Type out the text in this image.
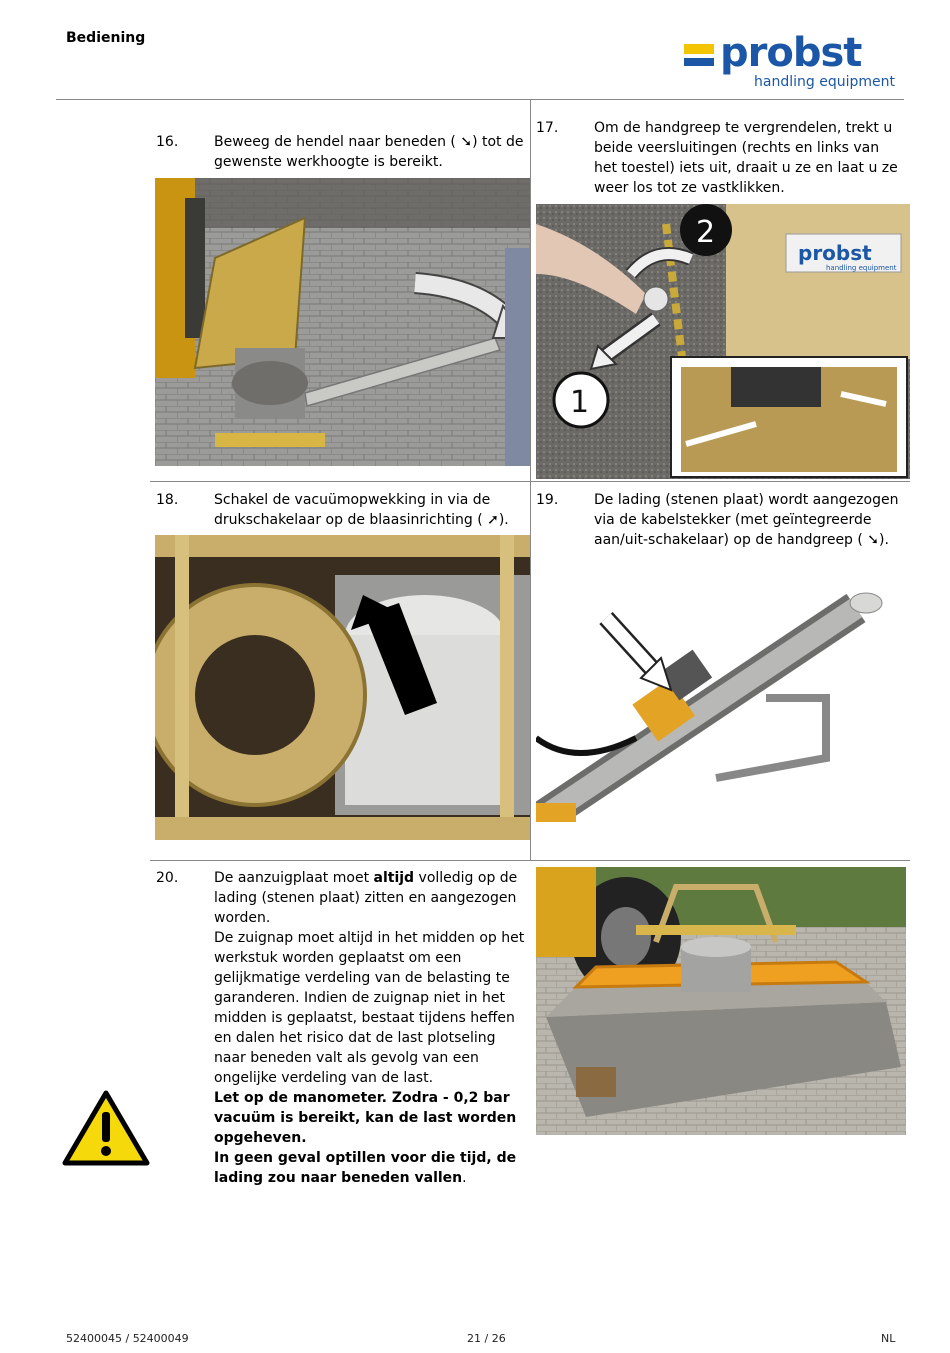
Bediening	probst
handling equipment
16.	Beweeg de hendel naar beneden ( ➘) tot de gewenste werkhoogte is bereikt.
17.	Om de handgreep te vergrendelen, trekt u beide veersluitingen (rechts en links van het toestel) iets uit, draait u ze en laat u ze weer los tot ze vastklikken.
probst
handling equipment
2
1
18.	Schakel de vacuümopwekking in via de drukschakelaar op de blaasinrichting ( ➚).
19.	De lading (stenen plaat) wordt aangezogen via de kabelstekker (met geïntegreerde aan/uit-schakelaar) op de handgreep ( ➘).
20.	De aanzuigplaat moet altijd volledig op de lading (stenen plaat) zitten en aangezogen worden.
De zuignap moet altijd in het midden op het werkstuk worden geplaatst om een gelijkmatige verdeling van de belasting te garanderen. Indien de zuignap niet in het midden is geplaatst, bestaat tijdens heffen en dalen het risico dat de last plotseling naar beneden valt als gevolg van een ongelijke verdeling van de last.
Let op de manometer. Zodra - 0,2 bar vacuüm is bereikt, kan de last worden opgeheven.
In geen geval optillen voor die tijd, de lading zou naar beneden vallen.
52400045 / 52400049	21 / 26	NL
